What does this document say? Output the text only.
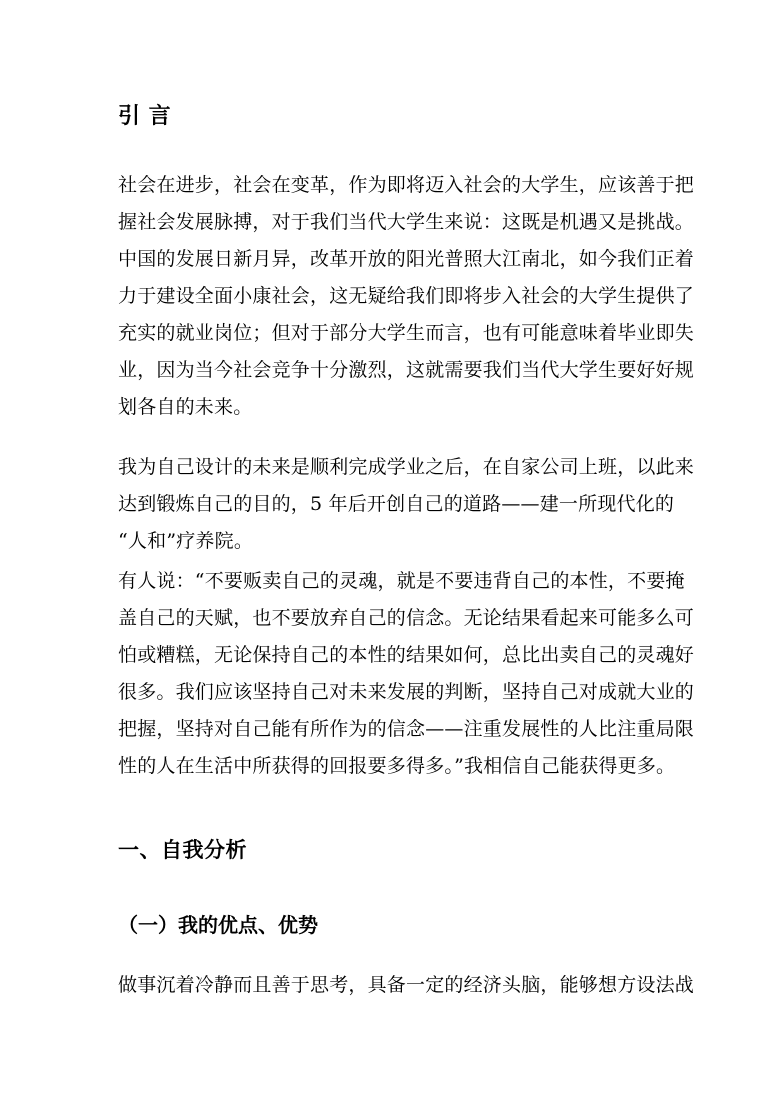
引 言
社会在进步，社会在变革，作为即将迈入社会的大学生，应该善于把
握社会发展脉搏，对于我们当代大学生来说：这既是机遇又是挑战。
中国的发展日新月异，改革开放的阳光普照大江南北，如今我们正着
力于建设全面小康社会，这无疑给我们即将步入社会的大学生提供了
充实的就业岗位；但对于部分大学生而言，也有可能意味着毕业即失
业，因为当今社会竞争十分激烈，这就需要我们当代大学生要好好规
划各自的未来。
我为自己设计的未来是顺利完成学业之后，在自家公司上班，以此来
达到锻炼自己的目的，5 年后开创自己的道路——建一所现代化的
“人和”疗养院。
有人说：“不要贩卖自己的灵魂，就是不要违背自己的本性，不要掩
盖自己的天赋，也不要放弃自己的信念。无论结果看起来可能多么可
怕或糟糕，无论保持自己的本性的结果如何，总比出卖自己的灵魂好
很多。我们应该坚持自己对未来发展的判断，坚持自己对成就大业的
把握，坚持对自己能有所作为的信念——注重发展性的人比注重局限
性的人在生活中所获得的回报要多得多。”我相信自己能获得更多。
一、自我分析
（一）我的优点、优势
做事沉着冷静而且善于思考，具备一定的经济头脑，能够想方设法战
